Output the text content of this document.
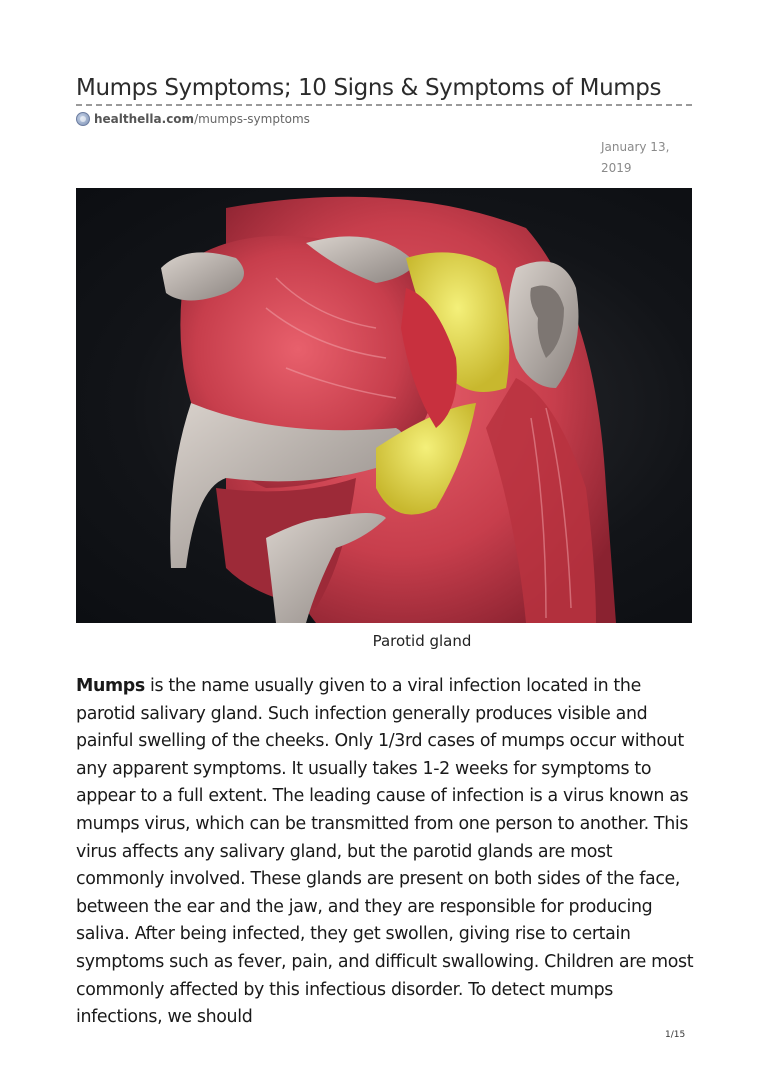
Mumps Symptoms; 10 Signs & Symptoms of Mumps
healthella.com/mumps-symptoms
January 13,
2019
Parotid gland

Mumps is the name usually given to a viral infection located in the parotid salivary gland. Such infection generally produces visible and painful swelling of the cheeks. Only 1/3rd cases of mumps occur without any apparent symptoms. It usually takes 1-2 weeks for symptoms to appear to a full extent. The leading cause of infection is a virus known as mumps virus, which can be transmitted from one person to another. This virus affects any salivary gland, but the parotid glands are most commonly involved. These glands are present on both sides of the face, between the ear and the jaw, and they are responsible for producing saliva. After being infected, they get swollen, giving rise to certain symptoms such as fever, pain, and difficult swallowing. Children are most commonly affected by this infectious disorder. To detect mumps infections, we should

1/15
